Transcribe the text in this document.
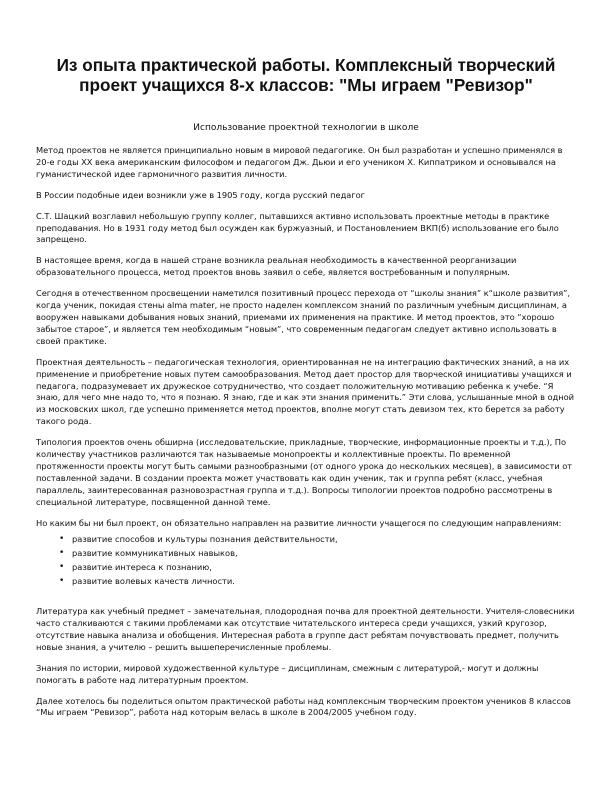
Из опыта практической работы. Комплексный творческий проект учащихся 8-х классов: "Мы играем "Ревизор"
Использование проектной технологии в школе

Метод проектов не является принципиально новым в мировой педагогике. Он был разработан и успешно применялся в 20-е годы XX века американским философом и педагогом Дж. Дьюи и его учеником Х. Киппатриком и основывался на гуманистической идее гармоничного развития личности.

В России подобные идеи возникли уже в 1905 году, когда русский педагог

С.Т. Шацкий возглавил небольшую группу коллег, пытавшихся активно использовать проектные методы в практике преподавания. Но в 1931 году метод был осужден как буржуазный, и Постановлением ВКП(б) использование его было запрещено.

В настоящее время, когда в нашей стране возникла реальная необходимость в качественной реорганизации образовательного процесса, метод проектов вновь заявил о себе, является востребованным и популярным.

Сегодня в отечественном просвещении наметился позитивный процесс перехода от “школы знания” к“школе развития”, когда ученик, покидая стены alma mater, не просто наделен комплексом знаний по различным учебным дисциплинам, а вооружен навыками добывания новых знаний, приемами их применения на практике. И метод проектов, это “хорошо забытое старое”, и является тем необходимым “новым”, что современным педагогам следует активно использовать в своей практике.

Проектная деятельность – педагогическая технология, ориентированная не на интеграцию фактических знаний, а на их применение и приобретение новых путем самообразования. Метод дает простор для творческой инициативы учащихся и педагога, подразумевает их дружеское сотрудничество, что создает положительную мотивацию ребенка к учебе. “Я знаю, для чего мне надо то, что я познаю. Я знаю, где и как эти знания применить.” Эти слова, услышанные мной в одной из московских школ, где успешно применяется метод проектов, вполне могут стать девизом тех, кто берется за работу такого рода.

Типология проектов очень обширна (исследовательские, прикладные, творческие, информационные проекты и т.д.), По количеству участников различаются так называемые монопроекты и коллективные проекты. По временной протяженности проекты могут быть самыми разнообразными (от одного урока до нескольких месяцев), в зависимости от поставленной задачи. В создании проекта может участвовать как один ученик, так и группа ребят (класс, учебная параллель, заинтересованная разновозрастная группа и т.д.). Вопросы типологии проектов подробно рассмотрены в специальной литературе, посвященной данной теме.

Но каким бы ни был проект, он обязательно направлен на развитие личности учащегося по следующим направлениям:

• развитие способов и культуры познания действительности,
• развитие коммуникативных навыков,
• развитие интереса к познанию,
• развитие волевых качеств личности.

Литература как учебный предмет – замечательная, плодородная почва для проектной деятельности. Учителя-словесники часто сталкиваются с такими проблемами как отсутствие читательского интереса среди учащихся, узкий кругозор, отсутствие навыка анализа и обобщения. Интересная работа в группе даст ребятам почувствовать предмет, получить новые знания, а учителю – решить вышеперечисленные проблемы.

Знания по истории, мировой художественной культуре – дисциплинам, смежным с литературой,- могут и должны помогать в работе над литературным проектом.

Далее хотелось бы поделиться опытом практической работы над комплексным творческим проектом учеников 8 классов “Мы играем “Ревизор”, работа над которым велась в школе в 2004/2005 учебном году.
